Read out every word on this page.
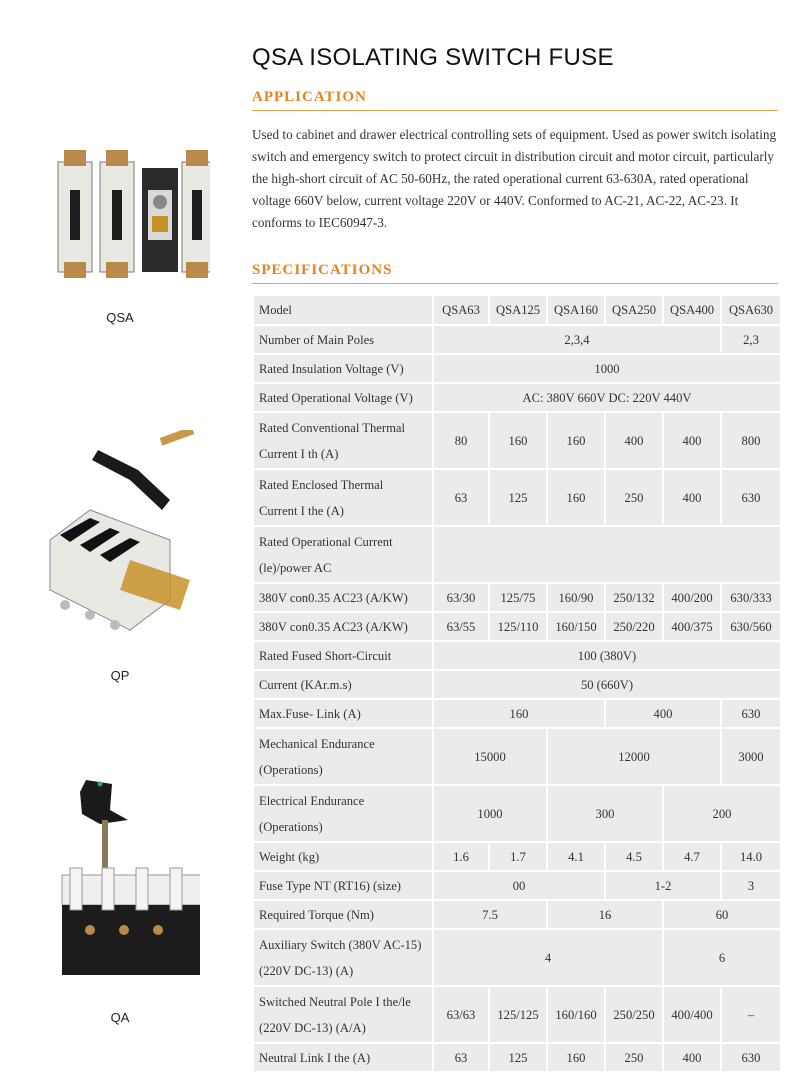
QSA
QP
QA
QSA ISOLATING SWITCH FUSE
APPLICATION
Used to cabinet and drawer electrical controlling sets of equipment. Used as power switch isolating switch and emergency switch to protect circuit in distribution circuit and motor circuit, particularly the high-short circuit of AC 50-60Hz, the rated operational current 63-630A, rated operational voltage 660V below, current voltage 220V or 440V. Conformed to AC-21, AC-22, AC-23. It conforms to IEC60947-3.
SPECIFICATIONS
Model	QSA63	QSA125	QSA160	QSA250	QSA400	QSA630
Number of Main Poles	2,3,4					2,3
Rated Insulation Voltage (V)	1000					
Rated Operational Voltage (V)	AC: 380V 660V DC: 220V 440V					

Rated Conventional Thermal
Current I th (A)	80	160	160	400	400	800

Rated Enclosed Thermal
Current I the (A)	63	125	160	250	400	630

Rated Operational Current
(le)/power AC						

380V con0.35 AC23 (A/KW)	63/30	125/75	160/90	250/132	400/200	630/333
380V con0.35 AC23 (A/KW)	63/55	125/110	160/150	250/220	400/375	630/560
Rated Fused Short-Circuit	100 (380V)					
Current (KAr.m.s)	50 (660V)					
Max.Fuse- Link (A)	160			400		630

Mechanical Endurance
(Operations)	15000		12000			3000

Electrical Endurance
(Operations)	1000		300		200	
Weight (kg)	1.6	1.7	4.1	4.5	4.7	14.0
Fuse Type NT (RT16) (size)	00			1-2		3
Required Torque (Nm)	7.5		16		60	

Auxiliary Switch (380V AC-15)
(220V DC-13) (A)	4				6	

Switched Neutral Pole I the/le
(220V DC-13) (A/A)	63/63	125/125	160/160	250/250	400/400	–
Neutral Link I the (A)	63	125	160	250	400	630
